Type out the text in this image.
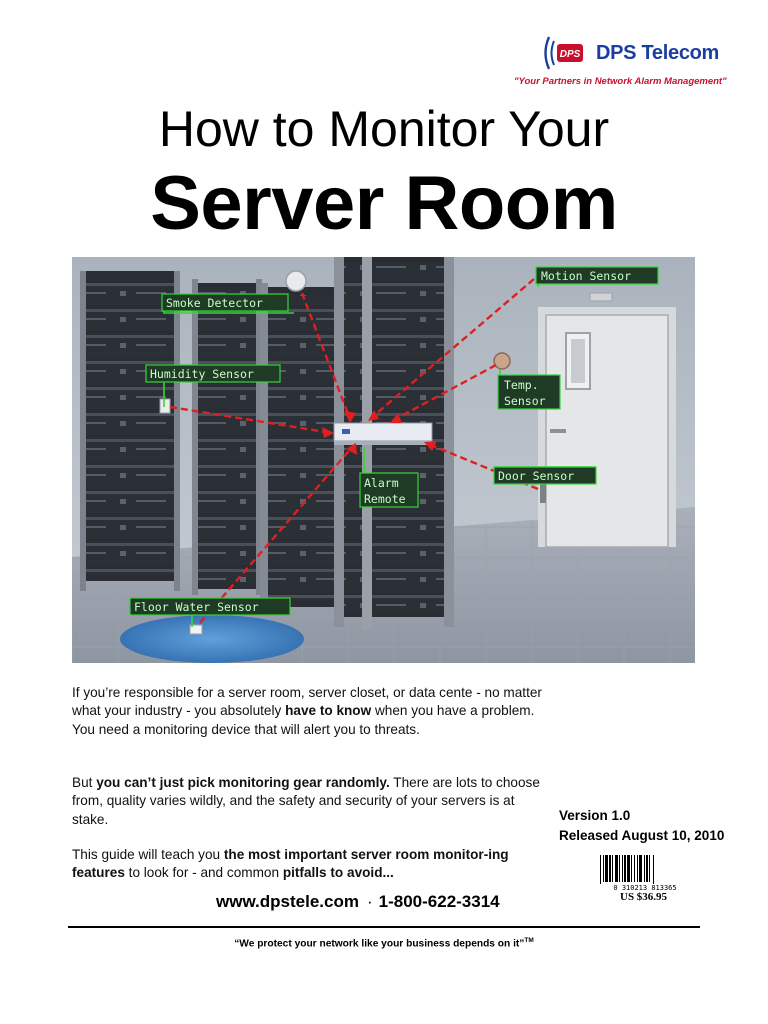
DPS DPS Telecom
"Your Partners in Network Alarm Management"
How to Monitor Your
Server Room
Motion Sensor
Smoke Detector
Humidity Sensor
Temp.
Sensor
Alarm
Remote
Door Sensor
Floor Water Sensor
If you’re responsible for a server room, server closet, or data cente - no matter what your industry - you absolutely have to know when you have a problem. You need a monitoring device that will alert you to threats.
But you can’t just pick monitoring gear randomly. There are lots to choose from, quality varies wildly, and the safety and security of your servers is at stake.
This guide will teach you the most important server room monitor-ing features to look for - and common pitfalls to avoid...
www.dpstele.com · 1-800-622-3314
Version 1.0
Released August 10, 2010
0 310213 813365
US $36.95
“We protect your network like your business depends on it”™
